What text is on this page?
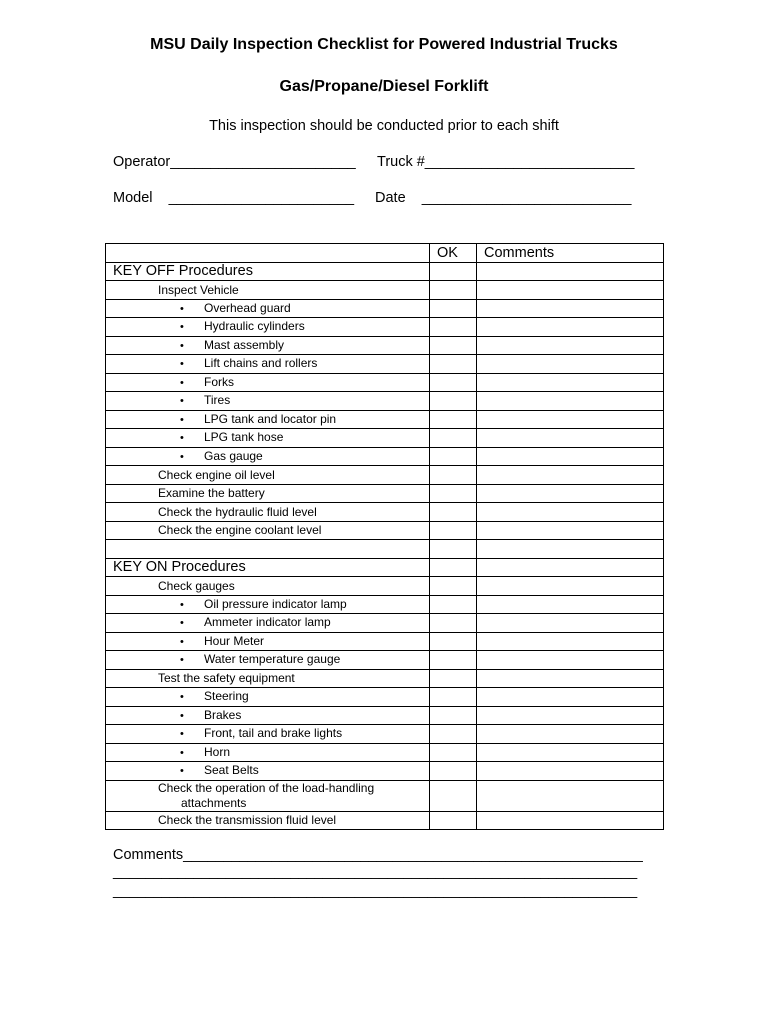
MSU Daily Inspection Checklist for Powered Industrial Trucks
Gas/Propane/Diesel Forklift
This inspection should be conducted prior to each shift
Operator_______________________ Truck #__________________________
Model    _______________________ Date    __________________________
	OK	Comments
KEY OFF Procedures		
Inspect Vehicle		
• Overhead guard		
• Hydraulic cylinders		
• Mast assembly		
• Lift chains and rollers		
• Forks		
• Tires		
• LPG tank and locator pin		
• LPG tank hose		
• Gas gauge		
Check engine oil level		
Examine the battery		
Check the hydraulic fluid level		
Check the engine coolant level		

KEY ON Procedures		
Check gauges		
• Oil pressure indicator lamp		
• Ammeter indicator lamp		
• Hour Meter		
• Water temperature gauge		
Test the safety equipment		
• Steering		
• Brakes		
• Front, tail and brake lights		
• Horn		
• Seat Belts		
Check the operation of the load-handling
attachments		

Check the transmission fluid level		
Comments_________________________________________________________
_________________________________________________________________
_________________________________________________________________
